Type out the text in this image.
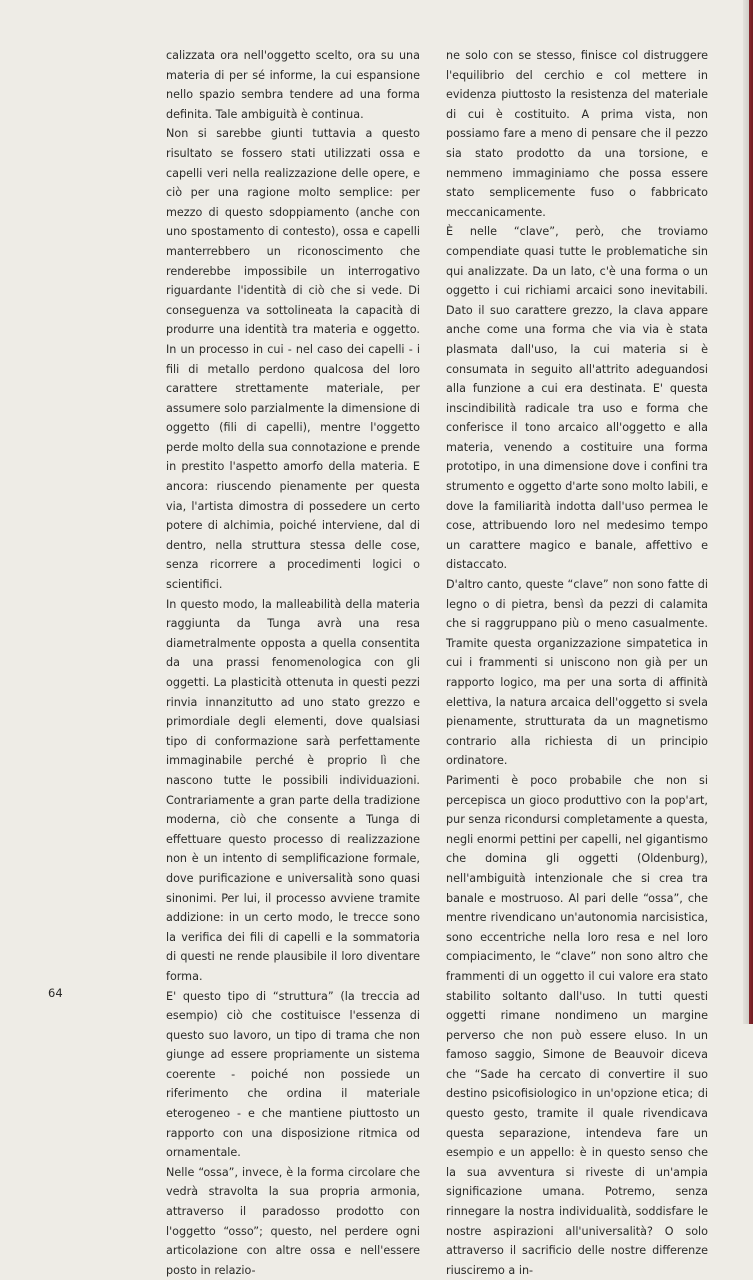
calizzata ora nell'oggetto scelto, ora su una materia di per sé informe, la cui espansione nello spazio sembra tendere ad una forma definita. Tale ambiguità è continua.

Non si sarebbe giunti tuttavia a questo risultato se fossero stati utilizzati ossa e capelli veri nella realizzazione delle opere, e ciò per una ragione molto semplice: per mezzo di questo sdoppiamento (anche con uno spostamento di contesto), ossa e capelli manterrebbero un riconoscimento che renderebbe impossibile un interrogativo riguardante l'identità di ciò che si vede. Di conseguenza va sottolineata la capacità di produrre una identità tra materia e oggetto. In un processo in cui - nel caso dei capelli - i fili di metallo perdono qualcosa del loro carattere strettamente materiale, per assumere solo parzialmente la dimensione di oggetto (fili di capelli), mentre l'oggetto perde molto della sua connotazione e prende in prestito l'aspetto amorfo della materia. E ancora: riuscendo pienamente per questa via, l'artista dimostra di possedere un certo potere di alchimia, poiché interviene, dal di dentro, nella struttura stessa delle cose, senza ricorrere a procedimenti logici o scientifici.

In questo modo, la malleabilità della materia raggiunta da Tunga avrà una resa diametralmente opposta a quella consentita da una prassi fenomenologica con gli oggetti. La plasticità ottenuta in questi pezzi rinvia innanzitutto ad uno stato grezzo e primordiale degli elementi, dove qualsiasi tipo di conformazione sarà perfettamente immaginabile perché è proprio lì che nascono tutte le possibili individuazioni. Contrariamente a gran parte della tradizione moderna, ciò che consente a Tunga di effettuare questo processo di realizzazione non è un intento di semplificazione formale, dove purificazione e universalità sono quasi sinonimi. Per lui, il processo avviene tramite addizione: in un certo modo, le trecce sono la verifica dei fili di capelli e la sommatoria di questi ne rende plausibile il loro diventare forma.

E' questo tipo di “struttura” (la treccia ad esempio) ciò che costituisce l'essenza di questo suo lavoro, un tipo di trama che non giunge ad essere propriamente un sistema coerente - poiché non possiede un riferimento che ordina il materiale eterogeneo - e che mantiene piuttosto un rapporto con una disposizione ritmica od ornamentale.

Nelle “ossa”, invece, è la forma circolare che vedrà stravolta la sua propria armonia, attraverso il paradosso prodotto con l'oggetto “osso”; questo, nel perdere ogni articolazione con altre ossa e nell'essere posto in relazio-

ne solo con se stesso, finisce col distruggere l'equilibrio del cerchio e col mettere in evidenza piuttosto la resistenza del materiale di cui è costituito. A prima vista, non possiamo fare a meno di pensare che il pezzo sia stato prodotto da una torsione, e nemmeno immaginiamo che possa essere stato semplicemente fuso o fabbricato meccanicamente.

È nelle “clave”, però, che troviamo compendiate quasi tutte le problematiche sin qui analizzate. Da un lato, c'è una forma o un oggetto i cui richiami arcaici sono inevitabili. Dato il suo carattere grezzo, la clava appare anche come una forma che via via è stata plasmata dall'uso, la cui materia si è consumata in seguito all'attrito adeguandosi alla funzione a cui era destinata. E' questa inscindibilità radicale tra uso e forma che conferisce il tono arcaico all'oggetto e alla materia, venendo a costituire una forma prototipo, in una dimensione dove i confini tra strumento e oggetto d'arte sono molto labili, e dove la familiarità indotta dall'uso permea le cose, attribuendo loro nel medesimo tempo un carattere magico e banale, affettivo e distaccato.

D'altro canto, queste “clave” non sono fatte di legno o di pietra, bensì da pezzi di calamita che si raggruppano più o meno casualmente. Tramite questa organizzazione simpatetica in cui i frammenti si uniscono non già per un rapporto logico, ma per una sorta di affinità elettiva, la natura arcaica dell'oggetto si svela pienamente, strutturata da un magnetismo contrario alla richiesta di un principio ordinatore.

Parimenti è poco probabile che non si percepisca un gioco produttivo con la pop'art, pur senza ricondursi completamente a questa, negli enormi pettini per capelli, nel gigantismo che domina gli oggetti (Oldenburg), nell'ambiguità intenzionale che si crea tra banale e mostruoso. Al pari delle “ossa”, che mentre rivendicano un'autonomia narcisistica, sono eccentriche nella loro resa e nel loro compiacimento, le “clave” non sono altro che frammenti di un oggetto il cui valore era stato stabilito soltanto dall'uso. In tutti questi oggetti rimane nondimeno un margine perverso che non può essere eluso. In un famoso saggio, Simone de Beauvoir diceva che “Sade ha cercato di convertire il suo destino psicofisiologico in un'opzione etica; di questo gesto, tramite il quale rivendicava questa separazione, intendeva fare un esempio e un appello: è in questo senso che la sua avventura si riveste di un'ampia significazione umana. Potremo, senza rinnegare la nostra individualità, soddisfare le nostre aspirazioni all'universalità? O solo attraverso il sacrificio delle nostre differenze riusciremo a in-

64
